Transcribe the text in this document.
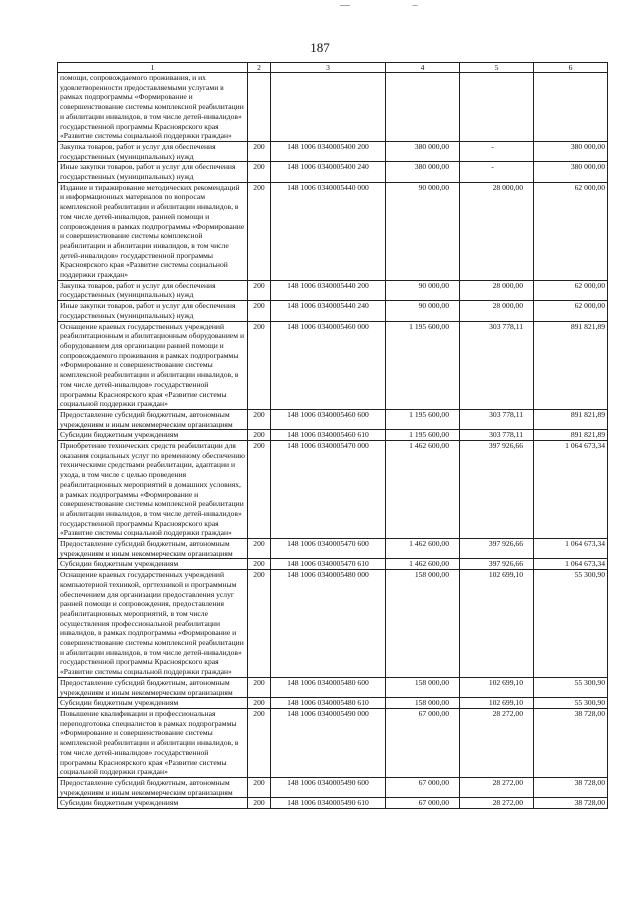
— –
187
1	2	3	4	5	6
помощи, сопровождаемого проживания, и их удовлетворенности предоставляемыми услугами в рамках подпрограммы «Формирование и совершенствование системы комплексной реабилитации и абилитации инвалидов, в том числе детей-инвалидов» государственной программы Красноярского края «Развитие системы социальной поддержки граждан»					
Закупка товаров, работ и услуг для обеспечения государственных (муниципальных) нужд	200	148 1006 0340005400 200	380 000,00	-	380 000,00
Иные закупки товаров, работ и услуг для обеспечения государственных (муниципальных) нужд	200	148 1006 0340005400 240	380 000,00	-	380 000,00
Издание и тиражирование методических рекомендаций и информационных материалов по вопросам комплексной реабилитации и абилитации инвалидов, в том числе детей-инвалидов, ранней помощи и сопровождения в рамках подпрограммы «Формирование и совершенствование системы комплексной реабилитации и абилитации инвалидов, в том числе детей-инвалидов» государственной программы Красноярского края «Развитие системы социальной поддержки граждан»	200	148 1006 0340005440 000	90 000,00	28 000,00	62 000,00
Закупка товаров, работ и услуг для обеспечения государственных (муниципальных) нужд	200	148 1006 0340005440 200	90 000,00	28 000,00	62 000,00
Иные закупки товаров, работ и услуг для обеспечения государственных (муниципальных) нужд	200	148 1006 0340005440 240	90 000,00	28 000,00	62 000,00
Оснащение краевых государственных учреждений реабилитационным и абилитационным оборудованием и оборудованием для организации ранней помощи и сопровождаемого проживания в рамках подпрограммы «Формирование и совершенствование системы комплексной реабилитации и абилитации инвалидов, в том числе детей-инвалидов» государственной программы Красноярского края «Развитие системы социальной поддержки граждан»	200	148 1006 0340005460 000	1 195 600,00	303 778,11	891 821,89
Предоставление субсидий бюджетным, автономным учреждениям и иным некоммерческим организациям	200	148 1006 0340005460 600	1 195 600,00	303 778,11	891 821,89
Субсидии бюджетным учреждениям	200	148 1006 0340005460 610	1 195 600,00	303 778,11	891 821,89
Приобретение технических средств реабилитации для оказания социальных услуг по временному обеспечению техническими средствами реабилитации, адаптации и ухода, в том числе с целью проведения реабилитационных мероприятий в домашних условиях, в рамках подпрограммы «Формирование и совершенствование системы комплексной реабилитации и абилитации инвалидов, в том числе детей-инвалидов» государственной программы Красноярского края «Развитие системы социальной поддержки граждан»	200	148 1006 0340005470 000	1 462 600,00	397 926,66	1 064 673,34
Предоставление субсидий бюджетным, автономным учреждениям и иным некоммерческим организациям	200	148 1006 0340005470 600	1 462 600,00	397 926,66	1 064 673,34
Субсидии бюджетным учреждениям	200	148 1006 0340005470 610	1 462 600,00	397 926,66	1 064 673,34
Оснащение краевых государственных учреждений компьютерной техникой, оргтехникой и программным обеспечением для организации предоставления услуг ранней помощи и сопровождения, предоставления реабилитационных мероприятий, в том числе осуществления профессиональной реабилитации инвалидов, в рамках подпрограммы «Формирование и совершенствование системы комплексной реабилитации и абилитации инвалидов, в том числе детей-инвалидов» государственной программы Красноярского края «Развитие системы социальной поддержки граждан»	200	148 1006 0340005480 000	158 000,00	102 699,10	55 300,90
Предоставление субсидий бюджетным, автономным учреждениям и иным некоммерческим организациям	200	148 1006 0340005480 600	158 000,00	102 699,10	55 300,90
Субсидии бюджетным учреждениям	200	148 1006 0340005480 610	158 000,00	102 699,10	55 300,90
Повышение квалификации и профессиональная переподготовка специалистов в рамках подпрограммы «Формирование и совершенствование системы комплексной реабилитации и абилитации инвалидов, в том числе детей-инвалидов» государственной программы Красноярского края «Развитие системы социальной поддержки граждан»	200	148 1006 0340005490 000	67 000,00	28 272,00	38 728,00
Предоставление субсидий бюджетным, автономным учреждениям и иным некоммерческим организациям	200	148 1006 0340005490 600	67 000,00	28 272,00	38 728,00
Субсидии бюджетным учреждениям	200	148 1006 0340005490 610	67 000,00	28 272,00	38 728,00
